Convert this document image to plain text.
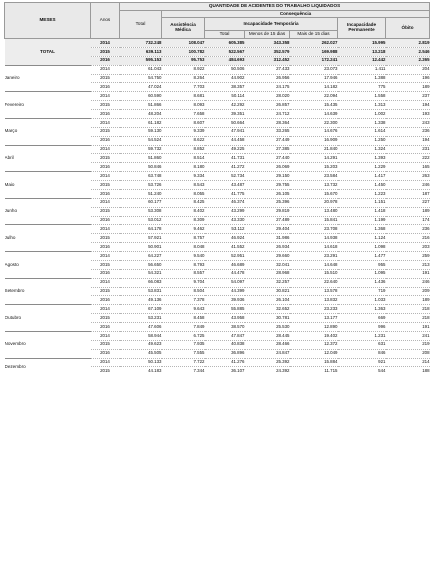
MESES	Anos	QUANTIDADE DE ACIDENTES DO TRABALHO LIQUIDADOS						
		Total	Consequência					
			Assistência Médica	Incapacidade Temporária			Incapacidade Permanente	Óbito
				Total	Menos de 15 dias	Mais de 15 dias		
TOTAL	2014	732.248	108.047	605.385	343.358	262.027	15.995	2.819
	2015	639.113	100.782	522.567	352.579	169.988	13.218	2.546
	2016	595.153	95.753	484.693	312.452	172.241	12.442	2.265
Janeiro	2014	61.043	8.922	50.506	27.433	23.073	1.411	204
	2015	54.750	8.264	44.902	26.956	17.946	1.388	196
	2016	47.024	7.703	38.357	24.175	14.182	775	189
Fevereiro	2014	60.590	8.681	50.114	28.020	22.094	1.558	237
	2015	51.866	8.093	42.292	26.857	15.435	1.313	194
	2016	48.204	7.658	39.351	24.712	14.639	1.002	193
Março	2014	61.182	8.607	50.664	28.364	22.300	1.338	243
	2015	59.130	9.339	47.941	33.265	14.676	1.614	236
	2016	54.524	8.622	44.458	27.449	16.909	1.250	194
Abril	2014	59.732	8.852	49.225	27.385	21.840	1.324	231
	2015	51.860	8.514	41.731	27.440	14.291	1.393	222
	2016	50.846	8.180	41.272	26.069	15.203	1.229	165
Maio	2014	63.748	9.334	52.734	29.150	23.584	1.417	263
	2015	53.726	8.543	43.487	29.755	13.732	1.450	246
	2016	51.240	8.055	41.775	26.105	15.670	1.223	187
Junho	2014	60.177	8.425	46.374	25.396	20.978	1.151	227
	2015	53.308	8.402	43.299	29.819	13.480	1.418	189
	2016	53.012	8.309	43.330	27.489	15.841	1.199	174
Julho	2014	64.178	9.462	53.112	29.404	23.708	1.368	236
	2015	57.921	8.757	46.924	31.986	14.938	1.124	216
	2016	50.901	8.048	41.552	26.934	14.618	1.098	203
Agosto	2014	64.227	9.540	52.951	29.660	23.291	1.477	259
	2015	56.650	8.793	46.689	32.041	14.648	955	213
	2016	54.321	8.557	44.478	28.968	15.510	1.095	191
Setembro	2014	66.083	9.704	54.097	32.257	22.640	1.436	246
	2015	53.831	8.504	44.399	30.821	13.578	719	209
	2016	49.136	7.378	39.936	26.104	13.832	1.033	189
Outubro	2014	67.109	9.643	55.885	32.652	23.233	1.363	218
	2015	53.231	8.458	43.958	30.781	13.177	669	218
	2016	47.606	7.849	38.570	25.530	12.890	996	191
Novembro	2014	58.944	6.725	47.847	28.445	19.402	1.231	241
	2015	49.623	7.935	40.838	28.466	12.372	631	219
	2016	45.505	7.555	36.896	24.847	12.049	846	208
Dezembro	2014	50.133	7.722	41.276	25.392	15.884	921	214
	2015	44.183	7.344	36.107	24.392	11.715	544	188
